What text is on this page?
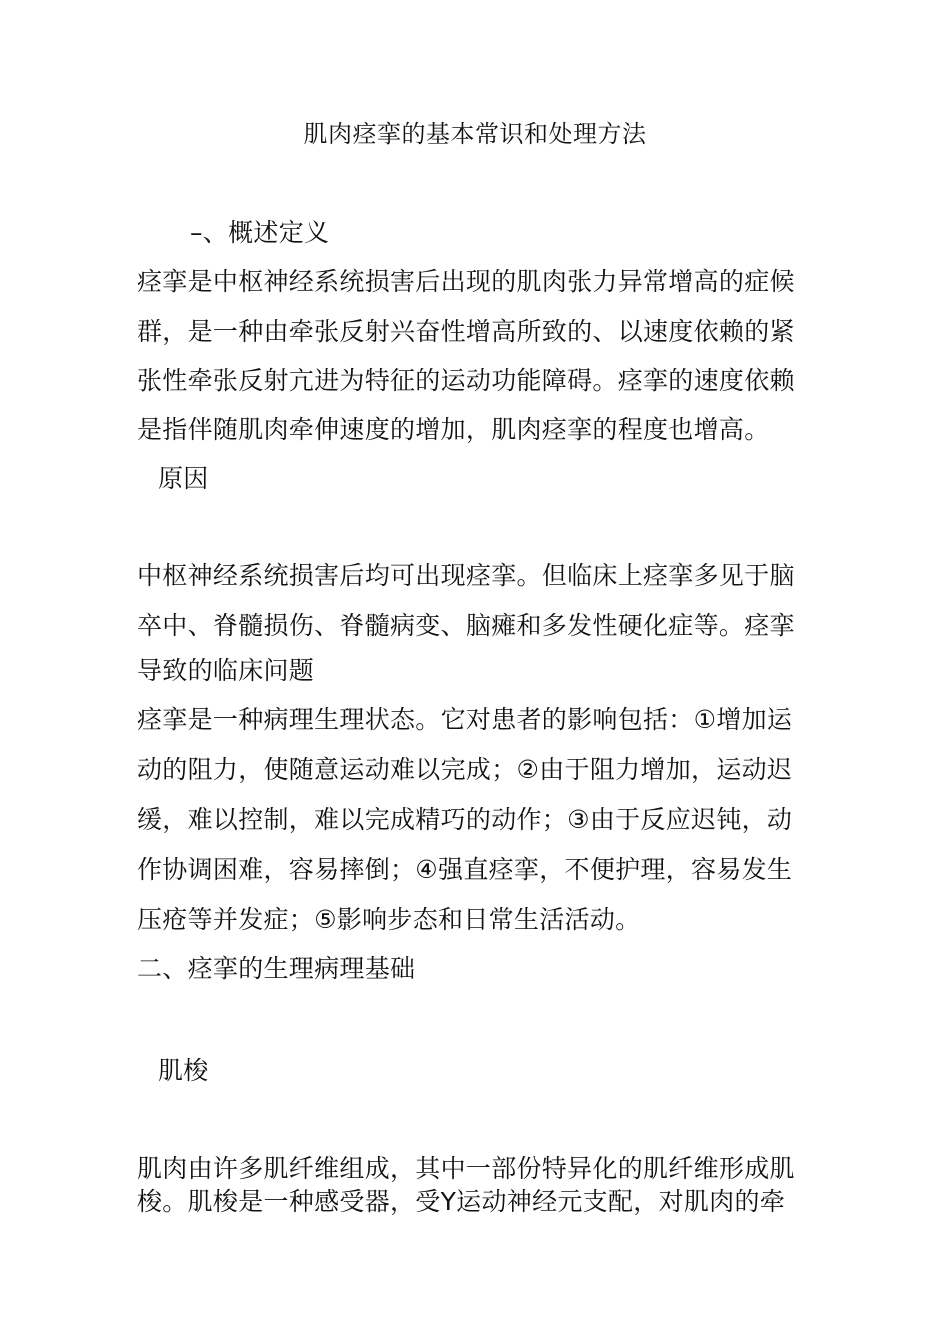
肌肉痉挛的基本常识和处理方法
–、概述定义
痉挛是中枢神经系统损害后出现的肌肉张力异常增高的症候
群，是一种由牵张反射兴奋性增高所致的、以速度依赖的紧
张性牵张反射亢进为特征的运动功能障碍。痉挛的速度依赖
是指伴随肌肉牵伸速度的增加，肌肉痉挛的程度也增高。
原因
中枢神经系统损害后均可出现痉挛。但临床上痉挛多见于脑
卒中、脊髓损伤、脊髓病变、脑瘫和多发性硬化症等。痉挛
导致的临床问题
痉挛是一种病理生理状态。它对患者的影响包括：①增加运
动的阻力，使随意运动难以完成；②由于阻力增加，运动迟
缓，难以控制，难以完成精巧的动作；③由于反应迟钝，动
作协调困难，容易摔倒；④强直痉挛，不便护理，容易发生
压疮等并发症；⑤影响步态和日常生活活动。
二、痉挛的生理病理基础
肌梭
肌肉由许多肌纤维组成，其中一部份特异化的肌纤维形成肌
梭。肌梭是一种感受器，受Y运动神经元支配，对肌肉的牵
